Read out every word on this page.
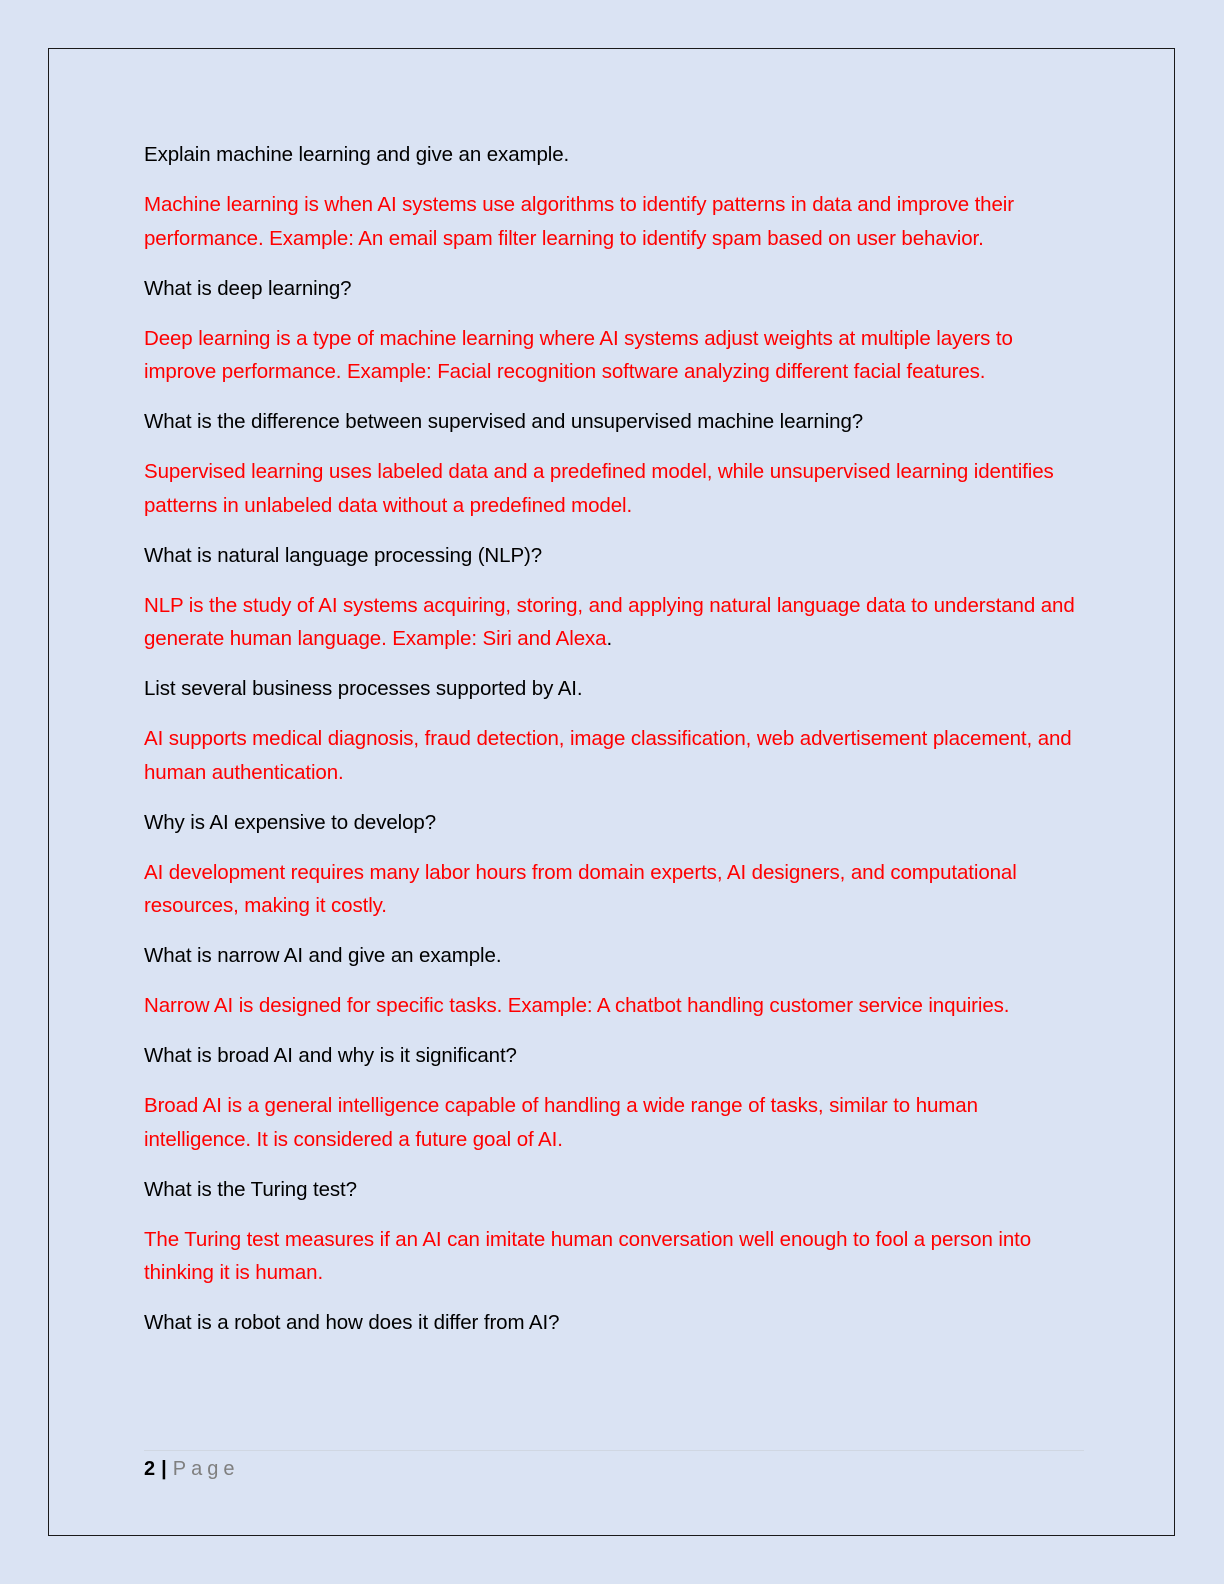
Explain machine learning and give an example.

Machine learning is when AI systems use algorithms to identify patterns in data and improve their performance. Example: An email spam filter learning to identify spam based on user behavior.

What is deep learning?

Deep learning is a type of machine learning where AI systems adjust weights at multiple layers to improve performance. Example: Facial recognition software analyzing different facial features.

What is the difference between supervised and unsupervised machine learning?

Supervised learning uses labeled data and a predefined model, while unsupervised learning identifies patterns in unlabeled data without a predefined model.

What is natural language processing (NLP)?

NLP is the study of AI systems acquiring, storing, and applying natural language data to understand and generate human language. Example: Siri and Alexa.

List several business processes supported by AI.

AI supports medical diagnosis, fraud detection, image classification, web advertisement placement, and human authentication.

Why is AI expensive to develop?

AI development requires many labor hours from domain experts, AI designers, and computational resources, making it costly.

What is narrow AI and give an example.

Narrow AI is designed for specific tasks. Example: A chatbot handling customer service inquiries.

What is broad AI and why is it significant?

Broad AI is a general intelligence capable of handling a wide range of tasks, similar to human intelligence. It is considered a future goal of AI.

What is the Turing test?

The Turing test measures if an AI can imitate human conversation well enough to fool a person into thinking it is human.

What is a robot and how does it differ from AI?

2 | Page
